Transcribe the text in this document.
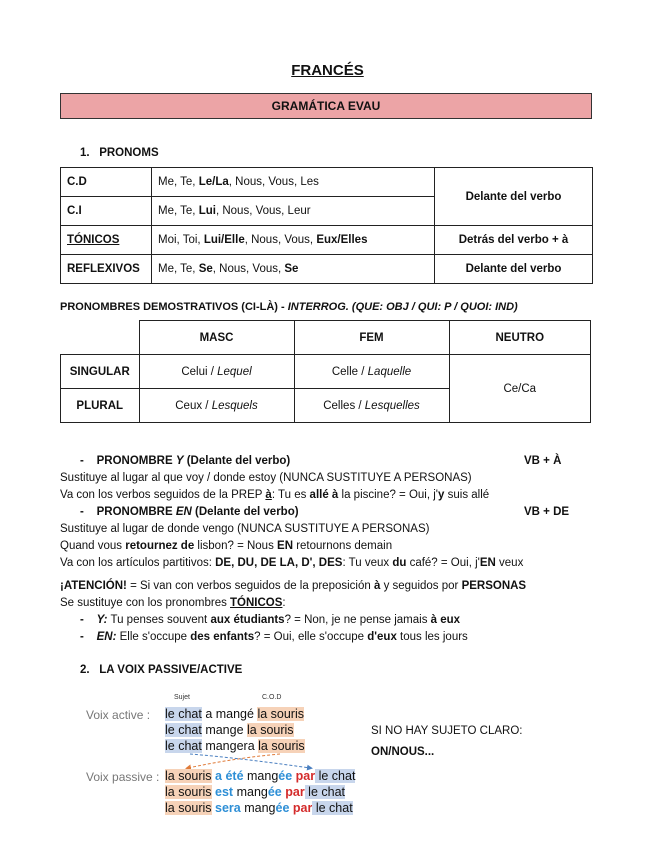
FRANCÉS
GRAMÁTICA EVAU
1. PRONOMS
C.D	Me, Te, Le/La, Nous, Vous, Les	Delante del verbo
C.I	Me, Te, Lui, Nous, Vous, Leur	
TÓNICOS	Moi, Toi, Lui/Elle, Nous, Vous, Eux/Elles	Detrás del verbo + à
REFLEXIVOS	Me, Te, Se, Nous, Vous, Se	Delante del verbo
PRONOMBRES DEMOSTRATIVOS (CI-LÀ) - INTERROG. (QUE: OBJ / QUI: P / QUOI: IND)
	MASC	FEM	NEUTRO
SINGULAR	Celui / Lequel	Celle / Laquelle	Ce/Ca
PLURAL	Ceux / Lesquels	Celles / Lesquelles	
- PRONOMBRE Y (Delante del verbo)	VB + À
Sustituye al lugar al que voy / donde estoy (NUNCA SUSTITUYE A PERSONAS)
Va con los verbos seguidos de la PREP à: Tu es allé à la piscine? = Oui, j'y suis allé
- PRONOMBRE EN (Delante del verbo)	VB + DE
Sustituye al lugar de donde vengo (NUNCA SUSTITUYE A PERSONAS)
Quand vous retournez de lisbon? = Nous EN retournons demain
Va con los artículos partitivos: DE, DU, DE LA, D', DES: Tu veux du café? = Oui, j'EN veux
¡ATENCIÓN! = Si van con verbos seguidos de la preposición à y seguidos por PERSONAS
Se sustituye con los pronombres TÓNICOS:
- Y: Tu penses souvent aux étudiants? = Non, je ne pense jamais à eux
- EN: Elle s'occupe des enfants? = Oui, elle s'occupe d'eux tous les jours
2. LA VOIX PASSIVE/ACTIVE
Sujet	C.O.D
Voix active : le chat a mangé la souris
le chat mange la souris
le chat mangera la souris
Voix passive : la souris a été mangée par le chat
la souris est mangée par le chat
la souris sera mangée par le chat
SI NO HAY SUJETO CLARO:
ON/NOUS...
